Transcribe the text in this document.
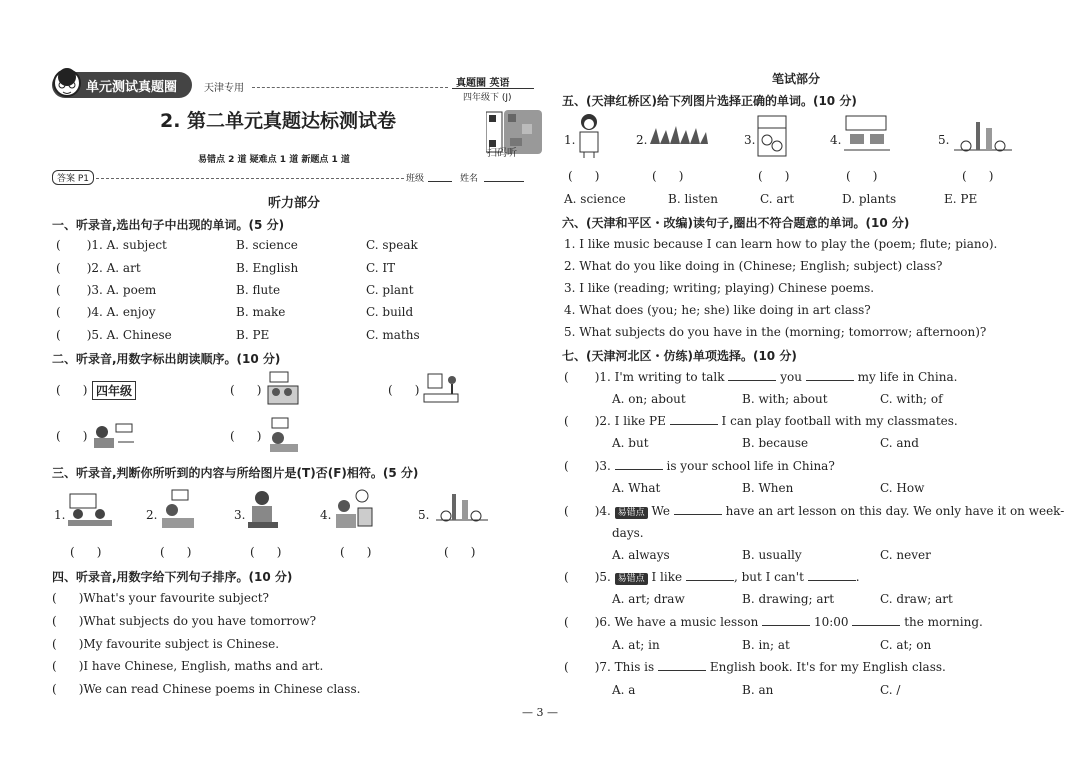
单元测试真题圈	天津专用	真题圈 英语
四年级下 (J)
2. 第二单元真题达标测试卷
扫码听
易错点 2 道 疑难点 1 道 新题点 1 道
答案 P1	班级	姓名
听力部分
一、听录音,选出句子中出现的单词。(5 分)
( )1. A. subject	B. science	C. speak
( )2. A. art	B. English	C. IT
( )3. A. poem	B. flute	C. plant
( )4. A. enjoy	B. make	C. build
( )5. A. Chinese	B. PE	C. maths
二、听录音,用数字标出朗读顺序。(10 分)
( ) 四年级	( )	( )
( )	( )
三、听录音,判断你所听到的内容与所给图片是(T)否(F)相符。(5 分)
1.	2.	3.	4.	5.
( )	( )	( )	( )	( )
四、听录音,用数字给下列句子排序。(10 分)
( )What's your favourite subject?
( )What subjects do you have tomorrow?
( )My favourite subject is Chinese.
( )I have Chinese, English, maths and art.
( )We can read Chinese poems in Chinese class.
笔试部分
五、(天津红桥区)给下列图片选择正确的单词。(10 分)
1.	2.	3.	4.	5.
( )	( )	( )	( )	( )
A. science	B. listen	C. art	D. plants	E. PE
六、(天津和平区・改编)读句子,圈出不符合题意的单词。(10 分)
1. I like music because I can learn how to play the (poem; flute; piano).
2. What do you like doing in (Chinese; English; subject) class?
3. I like (reading; writing; playing) Chinese poems.
4. What does (you; he; she) like doing in art class?
5. What subjects do you have in the (morning; tomorrow; afternoon)?
七、(天津河北区・仿练)单项选择。(10 分)
( )1. I'm writing to talk	you	my life in China.
A. on; about	B. with; about	C. with; of
( )2. I like PE	I can play football with my classmates.
A. but	B. because	C. and
( )3.	is your school life in China?
A. What	B. When	C. How
( )4. 易错点 We	have an art lesson on this day. We only have it on week-
days.
A. always	B. usually	C. never
( )5. 易错点 I like	, but I can't	.
A. art; draw	B. drawing; art	C. draw; art
( )6. We have a music lesson	10:00	the morning.
A. at; in	B. in; at	C. at; on
( )7. This is	English book. It's for my English class.
A. a	B. an	C. /
— 3 —
